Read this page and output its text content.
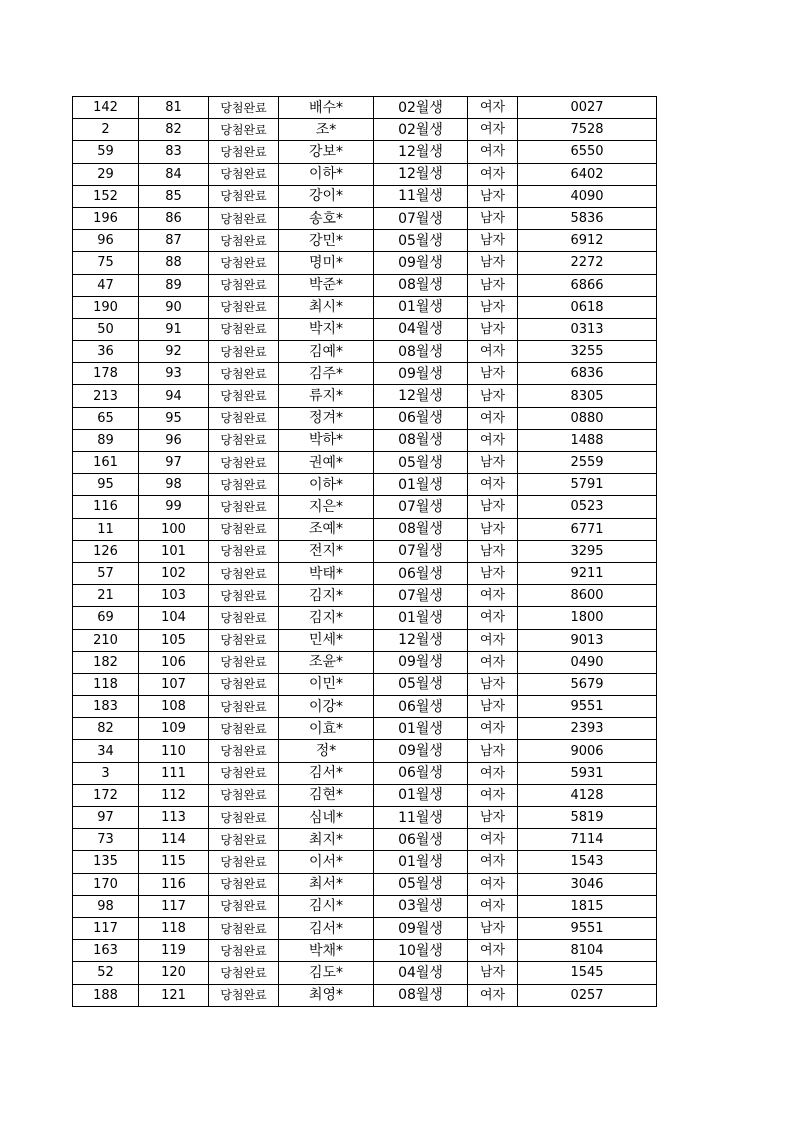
142	81	당첨완료	배수*	02월생	여자	0027
2	82	당첨완료	조*	02월생	여자	7528
59	83	당첨완료	강보*	12월생	여자	6550
29	84	당첨완료	이하*	12월생	여자	6402
152	85	당첨완료	강이*	11월생	남자	4090
196	86	당첨완료	송호*	07월생	남자	5836
96	87	당첨완료	강민*	05월생	남자	6912
75	88	당첨완료	명미*	09월생	남자	2272
47	89	당첨완료	박준*	08월생	남자	6866
190	90	당첨완료	최시*	01월생	남자	0618
50	91	당첨완료	박지*	04월생	남자	0313
36	92	당첨완료	김예*	08월생	여자	3255
178	93	당첨완료	김주*	09월생	남자	6836
213	94	당첨완료	류지*	12월생	남자	8305
65	95	당첨완료	정겨*	06월생	여자	0880
89	96	당첨완료	박하*	08월생	여자	1488
161	97	당첨완료	권예*	05월생	남자	2559
95	98	당첨완료	이하*	01월생	여자	5791
116	99	당첨완료	지은*	07월생	남자	0523
11	100	당첨완료	조예*	08월생	남자	6771
126	101	당첨완료	전지*	07월생	남자	3295
57	102	당첨완료	박태*	06월생	남자	9211
21	103	당첨완료	김지*	07월생	여자	8600
69	104	당첨완료	김지*	01월생	여자	1800
210	105	당첨완료	민세*	12월생	여자	9013
182	106	당첨완료	조윤*	09월생	여자	0490
118	107	당첨완료	이민*	05월생	남자	5679
183	108	당첨완료	이강*	06월생	남자	9551
82	109	당첨완료	이효*	01월생	여자	2393
34	110	당첨완료	정*	09월생	남자	9006
3	111	당첨완료	김서*	06월생	여자	5931
172	112	당첨완료	김현*	01월생	여자	4128
97	113	당첨완료	심네*	11월생	남자	5819
73	114	당첨완료	최지*	06월생	여자	7114
135	115	당첨완료	이서*	01월생	여자	1543
170	116	당첨완료	최서*	05월생	여자	3046
98	117	당첨완료	김시*	03월생	여자	1815
117	118	당첨완료	김서*	09월생	남자	9551
163	119	당첨완료	박채*	10월생	여자	8104
52	120	당첨완료	김도*	04월생	남자	1545
188	121	당첨완료	최영*	08월생	여자	0257
